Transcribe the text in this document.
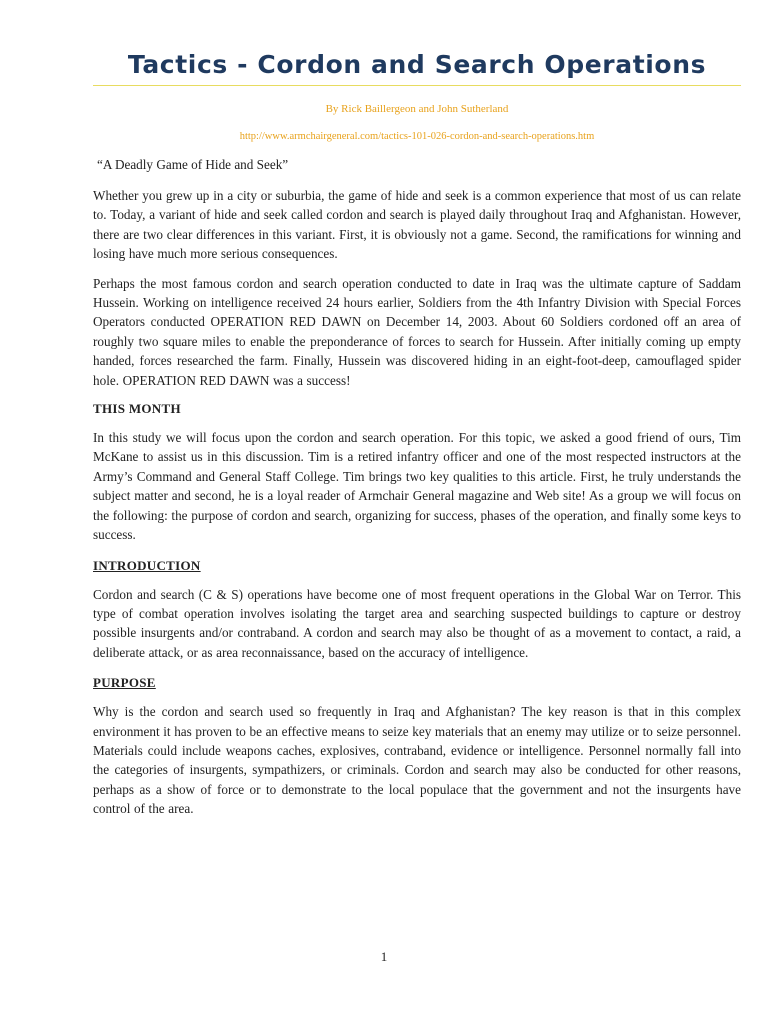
Tactics - Cordon and Search Operations
By Rick Baillergeon and John Sutherland
http://www.armchairgeneral.com/tactics-101-026-cordon-and-search-operations.htm
“A Deadly Game of Hide and Seek”

Whether you grew up in a city or suburbia, the game of hide and seek is a common experience that most of us can relate to. Today, a variant of hide and seek called cordon and search is played daily throughout Iraq and Afghanistan. However, there are two clear differences in this variant. First, it is obviously not a game. Second, the ramifications for winning and losing have much more serious consequences.

Perhaps the most famous cordon and search operation conducted to date in Iraq was the ultimate capture of Saddam Hussein. Working on intelligence received 24 hours earlier, Soldiers from the 4th Infantry Division with Special Forces Operators conducted OPERATION RED DAWN on December 14, 2003. About 60 Soldiers cordoned off an area of roughly two square miles to enable the preponderance of forces to search for Hussein. After initially coming up empty handed, forces researched the farm. Finally, Hussein was discovered hiding in an eight-foot-deep, camouflaged spider hole. OPERATION RED DAWN was a success!

THIS MONTH

In this study we will focus upon the cordon and search operation. For this topic, we asked a good friend of ours, Tim McKane to assist us in this discussion. Tim is a retired infantry officer and one of the most respected instructors at the Army’s Command and General Staff College. Tim brings two key qualities to this article. First, he truly understands the subject matter and second, he is a loyal reader of Armchair General magazine and Web site! As a group we will focus on the following: the purpose of cordon and search, organizing for success, phases of the operation, and finally some keys to success.

INTRODUCTION

Cordon and search (C & S) operations have become one of most frequent operations in the Global War on Terror. This type of combat operation involves isolating the target area and searching suspected buildings to capture or destroy possible insurgents and/or contraband. A cordon and search may also be thought of as a movement to contact, a raid, a deliberate attack, or as area reconnaissance, based on the accuracy of intelligence.

PURPOSE

Why is the cordon and search used so frequently in Iraq and Afghanistan? The key reason is that in this complex environment it has proven to be an effective means to seize key materials that an enemy may utilize or to seize personnel. Materials could include weapons caches, explosives, contraband, evidence or intelligence. Personnel normally fall into the categories of insurgents, sympathizers, or criminals. Cordon and search may also be conducted for other reasons, perhaps as a show of force or to demonstrate to the local populace that the government and not the insurgents have control of the area.

1
